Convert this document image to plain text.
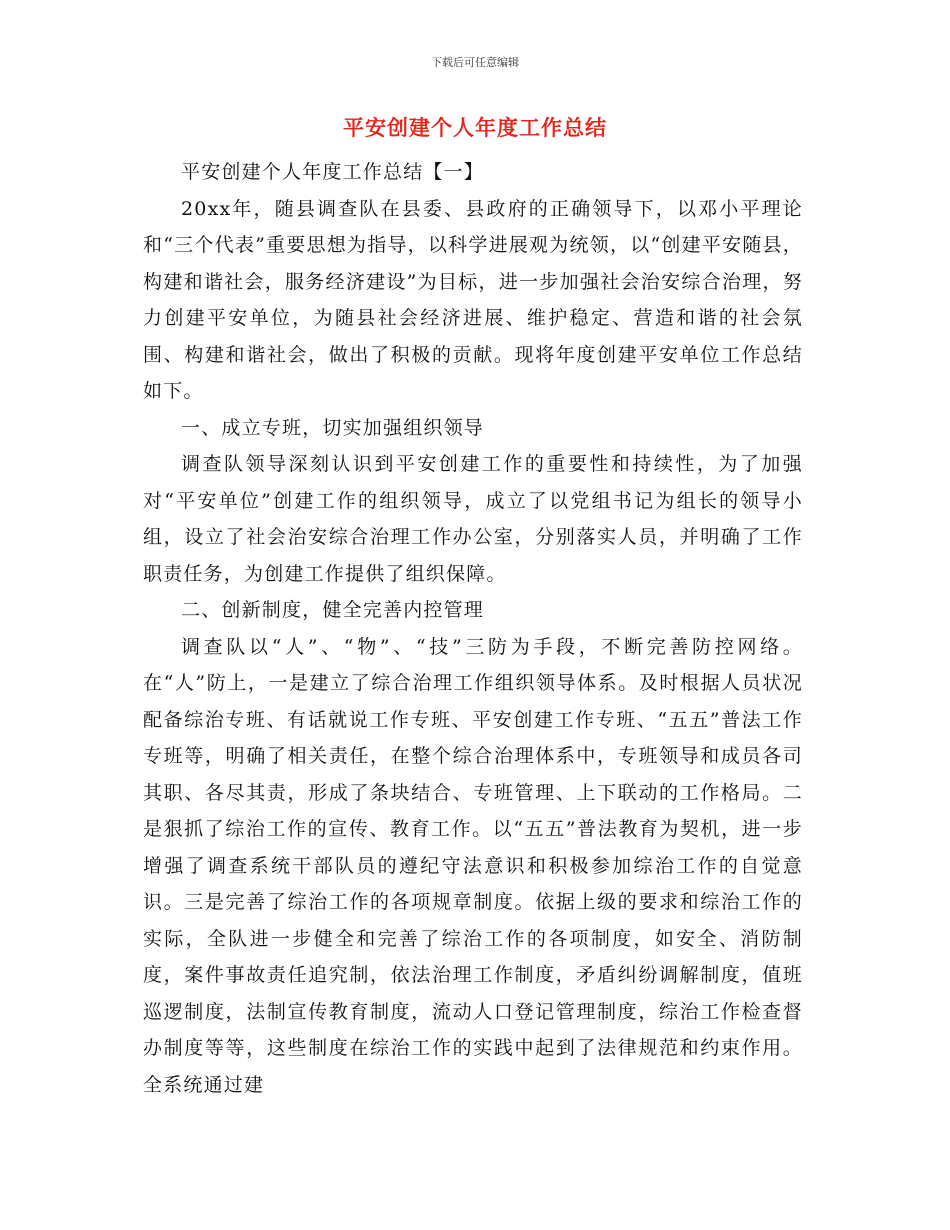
下载后可任意编辑
平安创建个人年度工作总结

平安创建个人年度工作总结【一】

20xx年，随县调查队在县委、县政府的正确领导下，以邓小平理论和“三个代表”重要思想为指导，以科学进展观为统领，以“创建平安随县，构建和谐社会，服务经济建设”为目标，进一步加强社会治安综合治理，努力创建平安单位，为随县社会经济进展、维护稳定、营造和谐的社会氛围、构建和谐社会，做出了积极的贡献。现将年度创建平安单位工作总结如下。

一、成立专班，切实加强组织领导

调查队领导深刻认识到平安创建工作的重要性和持续性，为了加强对“平安单位”创建工作的组织领导，成立了以党组书记为组长的领导小组，设立了社会治安综合治理工作办公室，分别落实人员，并明确了工作职责任务，为创建工作提供了组织保障。

二、创新制度，健全完善内控管理

调查队以“人”、“物”、“技”三防为手段，不断完善防控网络。在“人”防上，一是建立了综合治理工作组织领导体系。及时根据人员状况配备综治专班、有话就说工作专班、平安创建工作专班、“五五”普法工作专班等，明确了相关责任，在整个综合治理体系中，专班领导和成员各司其职、各尽其责，形成了条块结合、专班管理、上下联动的工作格局。二是狠抓了综治工作的宣传、教育工作。以“五五”普法教育为契机，进一步增强了调查系统干部队员的遵纪守法意识和积极参加综治工作的自觉意识。三是完善了综治工作的各项规章制度。依据上级的要求和综治工作的实际，全队进一步健全和完善了综治工作的各项制度，如安全、消防制度，案件事故责任追究制，依法治理工作制度，矛盾纠纷调解制度，值班巡逻制度，法制宣传教育制度，流动人口登记管理制度，综治工作检查督办制度等等，这些制度在综治工作的实践中起到了法律规范和约束作用。全系统通过建
